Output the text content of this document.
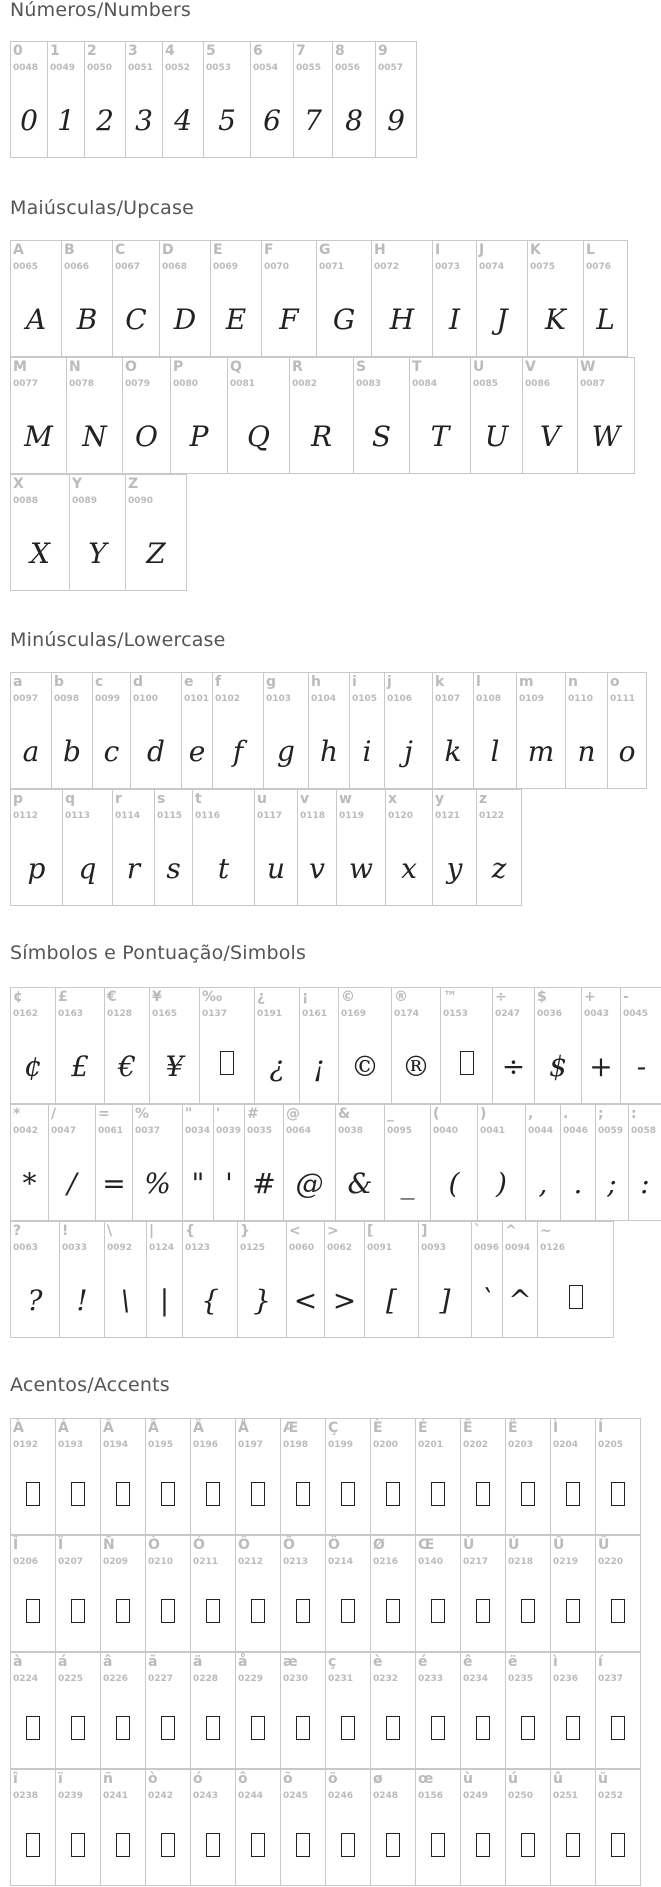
Números/Numbers
0
0048
0
1
0049
1
2
0050
2
3
0051
3
4
0052
4
5
0053
5
6
0054
6
7
0055
7
8
0056
8
9
0057
9
Maiúsculas/Upcase
A
0065
A
B
0066
B
C
0067
C
D
0068
D
E
0069
E
F
0070
F
G
0071
G
H
0072
H
I
0073
I
J
0074
J
K
0075
K
L
0076
L
M
0077
M
N
0078
N
O
0079
O
P
0080
P
Q
0081
Q
R
0082
R
S
0083
S
T
0084
T
U
0085
U
V
0086
V
W
0087
W
X
0088
X
Y
0089
Y
Z
0090
Z
Minúsculas/Lowercase
a
0097
a
b
0098
b
c
0099
c
d
0100
d
e
0101
e
f
0102
f
g
0103
g
h
0104
h
i
0105
i
j
0106
j
k
0107
k
l
0108
l
m
0109
m
n
0110
n
o
0111
o
p
0112
p
q
0113
q
r
0114
r
s
0115
s
t
0116
t
u
0117
u
v
0118
v
w
0119
w
x
0120
x
y
0121
y
z
0122
z
Símbolos e Pontuação/Simbols
¢
0162
¢
£
0163
£
€
0128
€
¥
0165
¥
‰
0137
¿
0191
¿
¡
0161
¡
©
0169
©
®
0174
®
™
0153
÷
0247
÷
$
0036
$
+
0043
+
-
0045
-
*
0042
*
/
0047
/
=
0061
=
%
0037
%
"
0034
"
'
0039
'
#
0035
#
@
0064
@
&
0038
&
_
0095
_
(
0040
(
)
0041
)
,
0044
,
.
0046
.
;
0059
;
:
0058
:
?
0063
?
!
0033
!
\
0092
\
|
0124
|
{
0123
{
}
0125
}
<
0060
<
>
0062
>
[
0091
[
]
0093
]
`
0096
`
^
0094
^
~
0126
Acentos/Accents
À
0192
Á
0193
Â
0194
Ã
0195
Ä
0196
Å
0197
Æ
0198
Ç
0199
È
0200
É
0201
Ê
0202
Ë
0203
Ì
0204
Í
0205
Î
0206
Ï
0207
Ñ
0209
Ò
0210
Ó
0211
Ô
0212
Õ
0213
Ö
0214
Ø
0216
Œ
0140
Ù
0217
Ú
0218
Û
0219
Ü
0220
à
0224
á
0225
â
0226
ã
0227
ä
0228
å
0229
æ
0230
ç
0231
è
0232
é
0233
ê
0234
ë
0235
ì
0236
í
0237
î
0238
ï
0239
ñ
0241
ò
0242
ó
0243
ô
0244
õ
0245
ö
0246
ø
0248
œ
0156
ù
0249
ú
0250
û
0251
ü
0252
